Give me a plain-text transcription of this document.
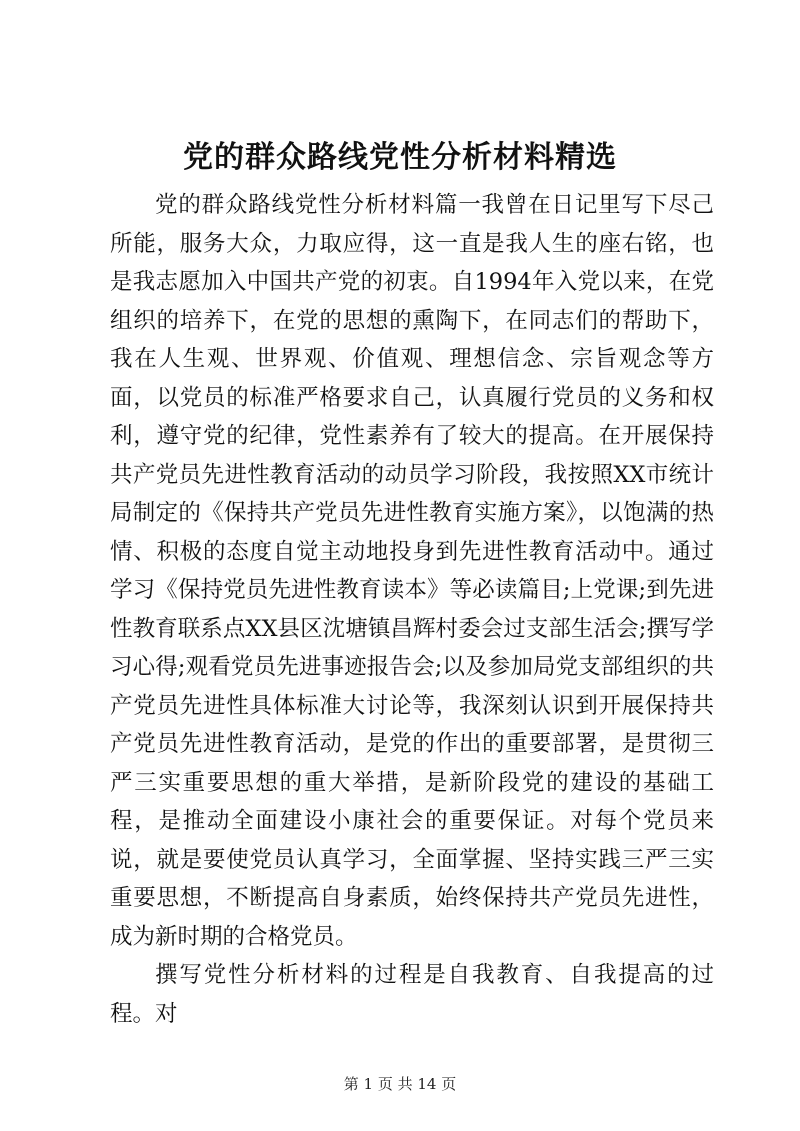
党的群众路线党性分析材料精选

党的群众路线党性分析材料篇一我曾在日记里写下尽己所能，服务大众，力取应得，这一直是我人生的座右铭，也是我志愿加入中国共产党的初衷。自1994年入党以来，在党组织的培养下，在党的思想的熏陶下，在同志们的帮助下，我在人生观、世界观、价值观、理想信念、宗旨观念等方面，以党员的标准严格要求自己，认真履行党员的义务和权利，遵守党的纪律，党性素养有了较大的提高。在开展保持共产党员先进性教育活动的动员学习阶段，我按照XX市统计局制定的《保持共产党员先进性教育实施方案》，以饱满的热情、积极的态度自觉主动地投身到先进性教育活动中。通过学习《保持党员先进性教育读本》等必读篇目;上党课;到先进性教育联系点XX县区沈塘镇昌辉村委会过支部生活会;撰写学习心得;观看党员先进事迹报告会;以及参加局党支部组织的共产党员先进性具体标准大讨论等，我深刻认识到开展保持共产党员先进性教育活动，是党的作出的重要部署，是贯彻三严三实重要思想的重大举措，是新阶段党的建设的基础工程，是推动全面建设小康社会的重要保证。对每个党员来说，就是要使党员认真学习，全面掌握、坚持实践三严三实重要思想，不断提高自身素质，始终保持共产党员先进性，成为新时期的合格党员。

撰写党性分析材料的过程是自我教育、自我提高的过程。对

第 1 页 共 14 页
